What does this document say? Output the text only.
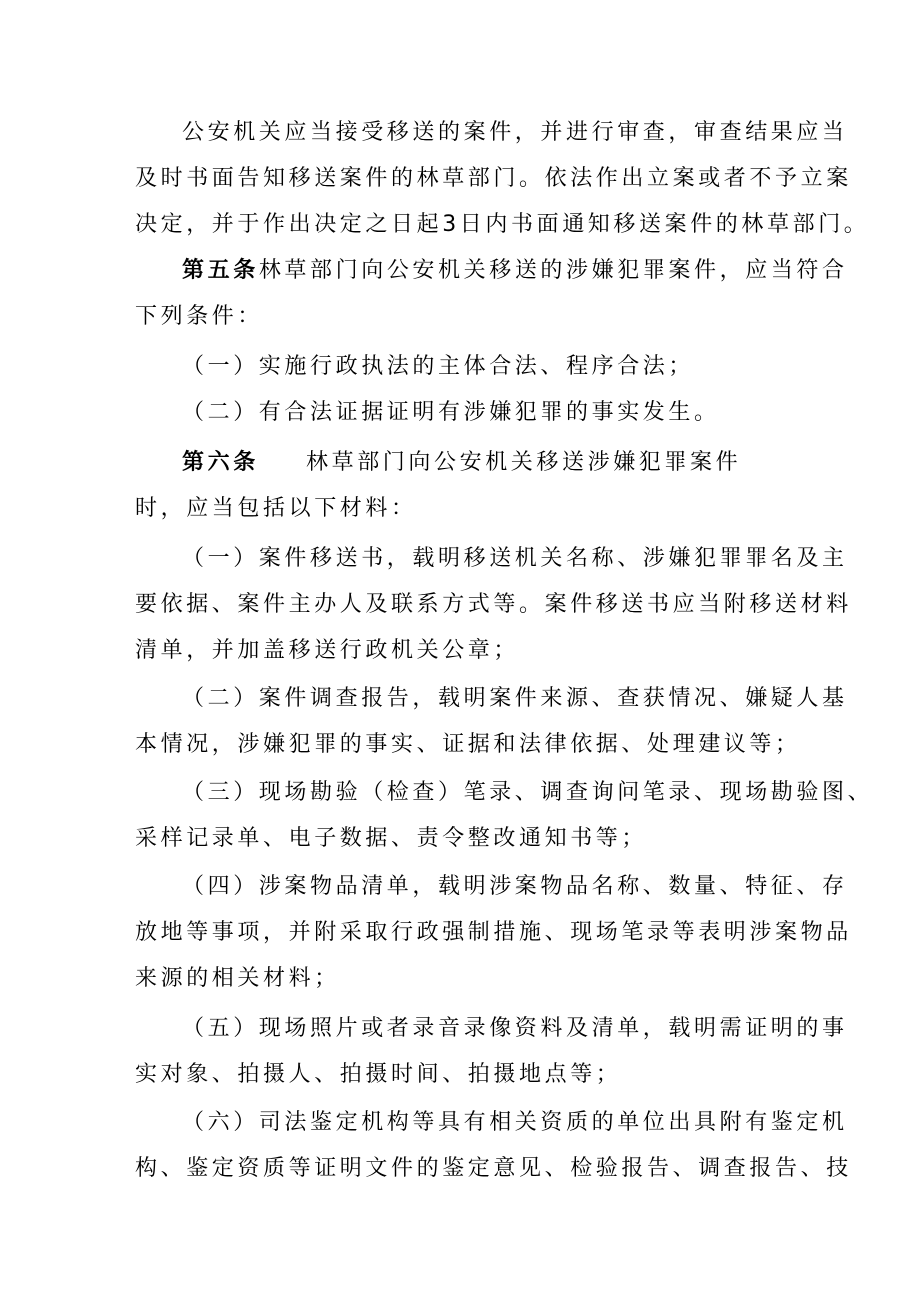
公安机关应当接受移送的案件，并进行审查，审查结果应当
及时书面告知移送案件的林草部门。依法作出立案或者不予立案
决定，并于作出决定之日起3日内书面通知移送案件的林草部门。
第五条林草部门向公安机关移送的涉嫌犯罪案件，应当符合
下列条件：
（一）实施行政执法的主体合法、程序合法；
（二）有合法证据证明有涉嫌犯罪的事实发生。
第六条 林草部门向公安机关移送涉嫌犯罪案件
时，应当包括以下材料：
（一）案件移送书，载明移送机关名称、涉嫌犯罪罪名及主
要依据、案件主办人及联系方式等。案件移送书应当附移送材料
清单，并加盖移送行政机关公章；
（二）案件调查报告，载明案件来源、查获情况、嫌疑人基
本情况，涉嫌犯罪的事实、证据和法律依据、处理建议等；
（三）现场勘验（检查）笔录、调查询问笔录、现场勘验图、
采样记录单、电子数据、责令整改通知书等；
（四）涉案物品清单，载明涉案物品名称、数量、特征、存
放地等事项，并附采取行政强制措施、现场笔录等表明涉案物品
来源的相关材料；
（五）现场照片或者录音录像资料及清单，载明需证明的事
实对象、拍摄人、拍摄时间、拍摄地点等；
（六）司法鉴定机构等具有相关资质的单位出具附有鉴定机
构、鉴定资质等证明文件的鉴定意见、检验报告、调查报告、技
